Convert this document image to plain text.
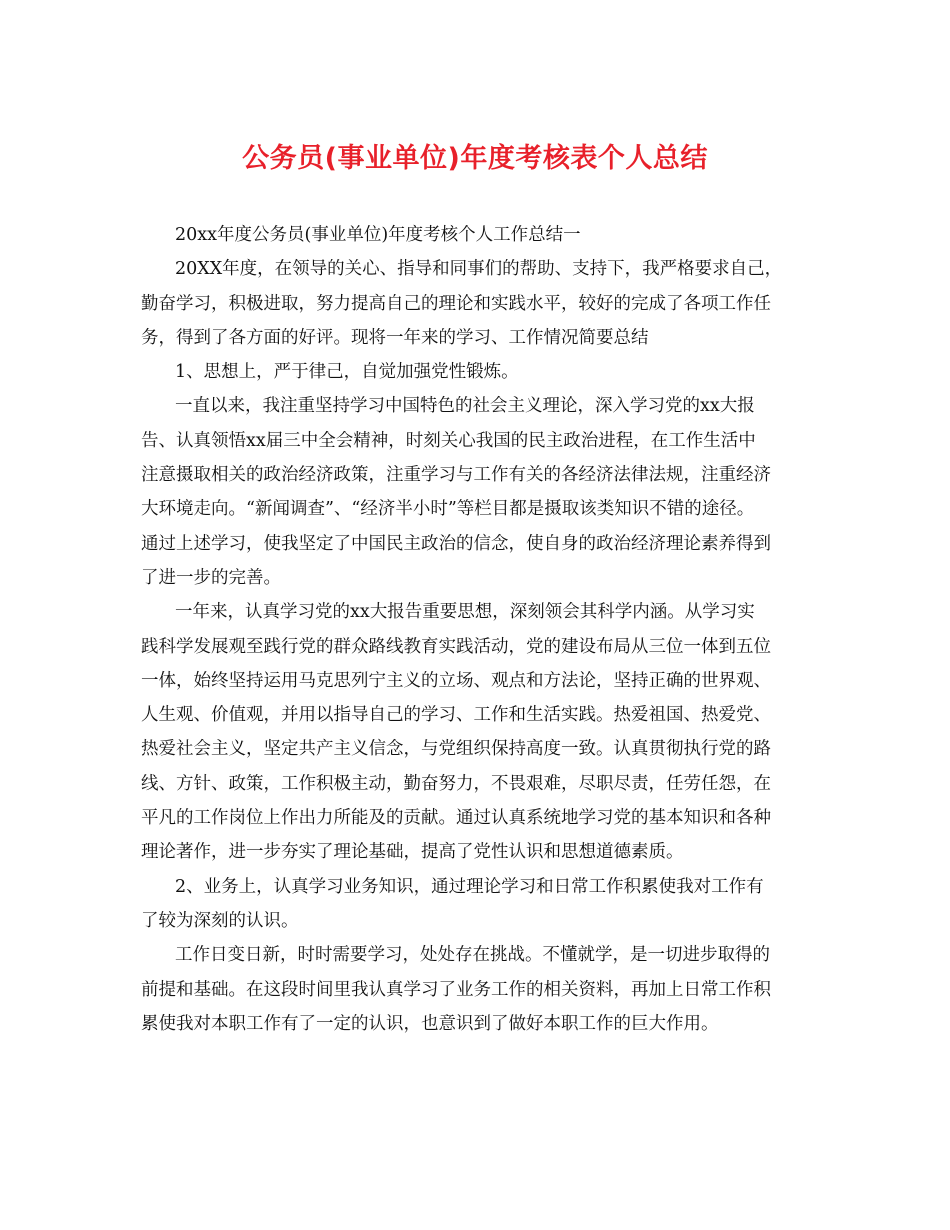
公务员(事业单位)年度考核表个人总结
20xx年度公务员(事业单位)年度考核个人工作总结一
20XX年度，在领导的关心、指导和同事们的帮助、支持下，我严格要求自己，
勤奋学习，积极进取，努力提高自己的理论和实践水平，较好的完成了各项工作任
务，得到了各方面的好评。现将一年来的学习、工作情况简要总结
1、思想上，严于律己，自觉加强党性锻炼。
一直以来，我注重坚持学习中国特色的社会主义理论，深入学习党的xx大报
告、认真领悟xx届三中全会精神，时刻关心我国的民主政治进程，在工作生活中
注意摄取相关的政治经济政策，注重学习与工作有关的各经济法律法规，注重经济
大环境走向。“新闻调查”、“经济半小时”等栏目都是摄取该类知识不错的途径。
通过上述学习，使我坚定了中国民主政治的信念，使自身的政治经济理论素养得到
了进一步的完善。
一年来，认真学习党的xx大报告重要思想，深刻领会其科学内涵。从学习实
践科学发展观至践行党的群众路线教育实践活动，党的建设布局从三位一体到五位
一体，始终坚持运用马克思列宁主义的立场、观点和方法论，坚持正确的世界观、
人生观、价值观，并用以指导自己的学习、工作和生活实践。热爱祖国、热爱党、
热爱社会主义，坚定共产主义信念，与党组织保持高度一致。认真贯彻执行党的路
线、方针、政策，工作积极主动，勤奋努力，不畏艰难，尽职尽责，任劳任怨，在
平凡的工作岗位上作出力所能及的贡献。通过认真系统地学习党的基本知识和各种
理论著作，进一步夯实了理论基础，提高了党性认识和思想道德素质。
2、业务上，认真学习业务知识，通过理论学习和日常工作积累使我对工作有
了较为深刻的认识。
工作日变日新，时时需要学习，处处存在挑战。不懂就学，是一切进步取得的
前提和基础。在这段时间里我认真学习了业务工作的相关资料，再加上日常工作积
累使我对本职工作有了一定的认识，也意识到了做好本职工作的巨大作用。
